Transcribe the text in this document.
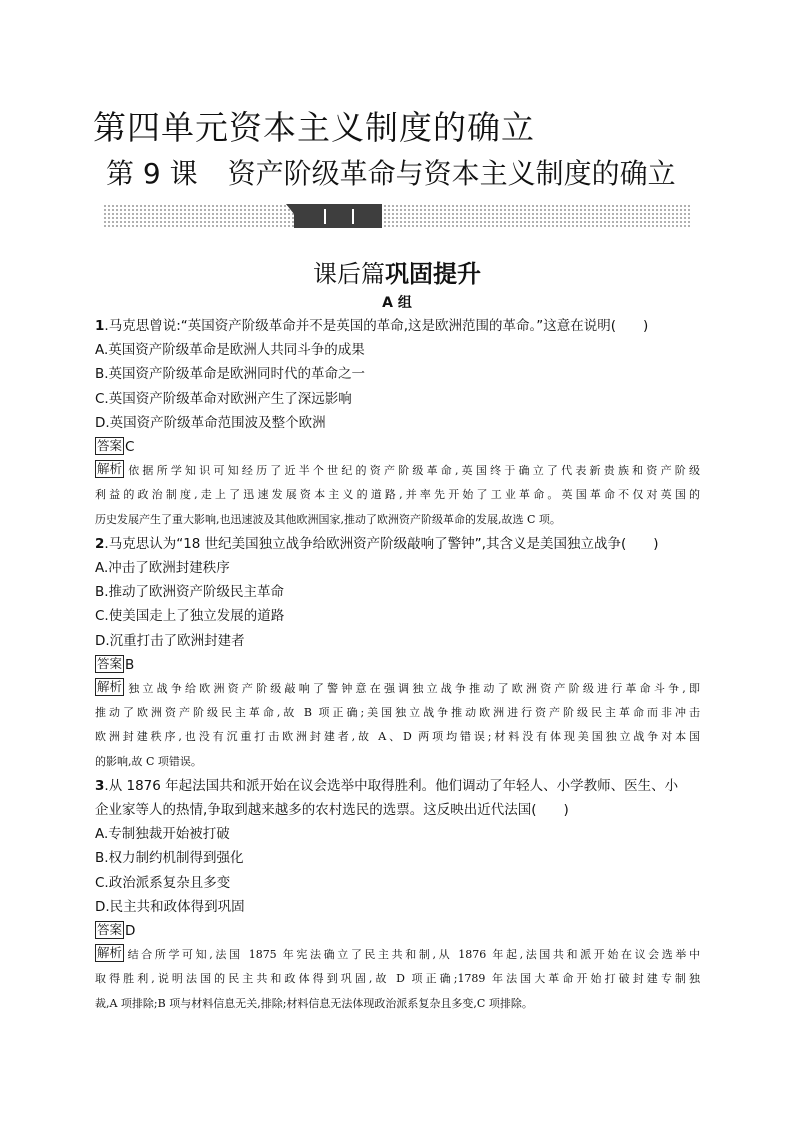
第四单元资本主义制度的确立
第 9 课 资产阶级革命与资本主义制度的确立
课后篇巩固提升
A 组
1.马克思曾说:“英国资产阶级革命并不是英国的革命,这是欧洲范围的革命。”这意在说明(　　)
A.英国资产阶级革命是欧洲人共同斗争的成果
B.英国资产阶级革命是欧洲同时代的革命之一
C.英国资产阶级革命对欧洲产生了深远影响
D.英国资产阶级革命范围波及整个欧洲
答案 C
解析 依据所学知识可知经历了近半个世纪的资产阶级革命,英国终于确立了代表新贵族和资产阶级
利益的政治制度,走上了迅速发展资本主义的道路,并率先开始了工业革命。英国革命不仅对英国的
历史发展产生了重大影响,也迅速波及其他欧洲国家,推动了欧洲资产阶级革命的发展,故选 C 项。
2.马克思认为“18 世纪美国独立战争给欧洲资产阶级敲响了警钟”,其含义是美国独立战争(　　)
A.冲击了欧洲封建秩序
B.推动了欧洲资产阶级民主革命
C.使美国走上了独立发展的道路
D.沉重打击了欧洲封建者
答案 B
解析 独立战争给欧洲资产阶级敲响了警钟意在强调独立战争推动了欧洲资产阶级进行革命斗争,即
推动了欧洲资产阶级民主革命,故 B 项正确;美国独立战争推动欧洲进行资产阶级民主革命而非冲击
欧洲封建秩序,也没有沉重打击欧洲封建者,故 A、D 两项均错误;材料没有体现美国独立战争对本国
的影响,故 C 项错误。
3.从 1876 年起法国共和派开始在议会选举中取得胜利。他们调动了年轻人、小学教师、医生、小
企业家等人的热情,争取到越来越多的农村选民的选票。这反映出近代法国(　　)
A.专制独裁开始被打破
B.权力制约机制得到强化
C.政治派系复杂且多变
D.民主共和政体得到巩固
答案 D
解析 结合所学可知,法国 1875 年宪法确立了民主共和制,从 1876 年起,法国共和派开始在议会选举中
取得胜利,说明法国的民主共和政体得到巩固,故 D 项正确;1789 年法国大革命开始打破封建专制独
裁,A 项排除;B 项与材料信息无关,排除;材料信息无法体现政治派系复杂且多变,C 项排除。
